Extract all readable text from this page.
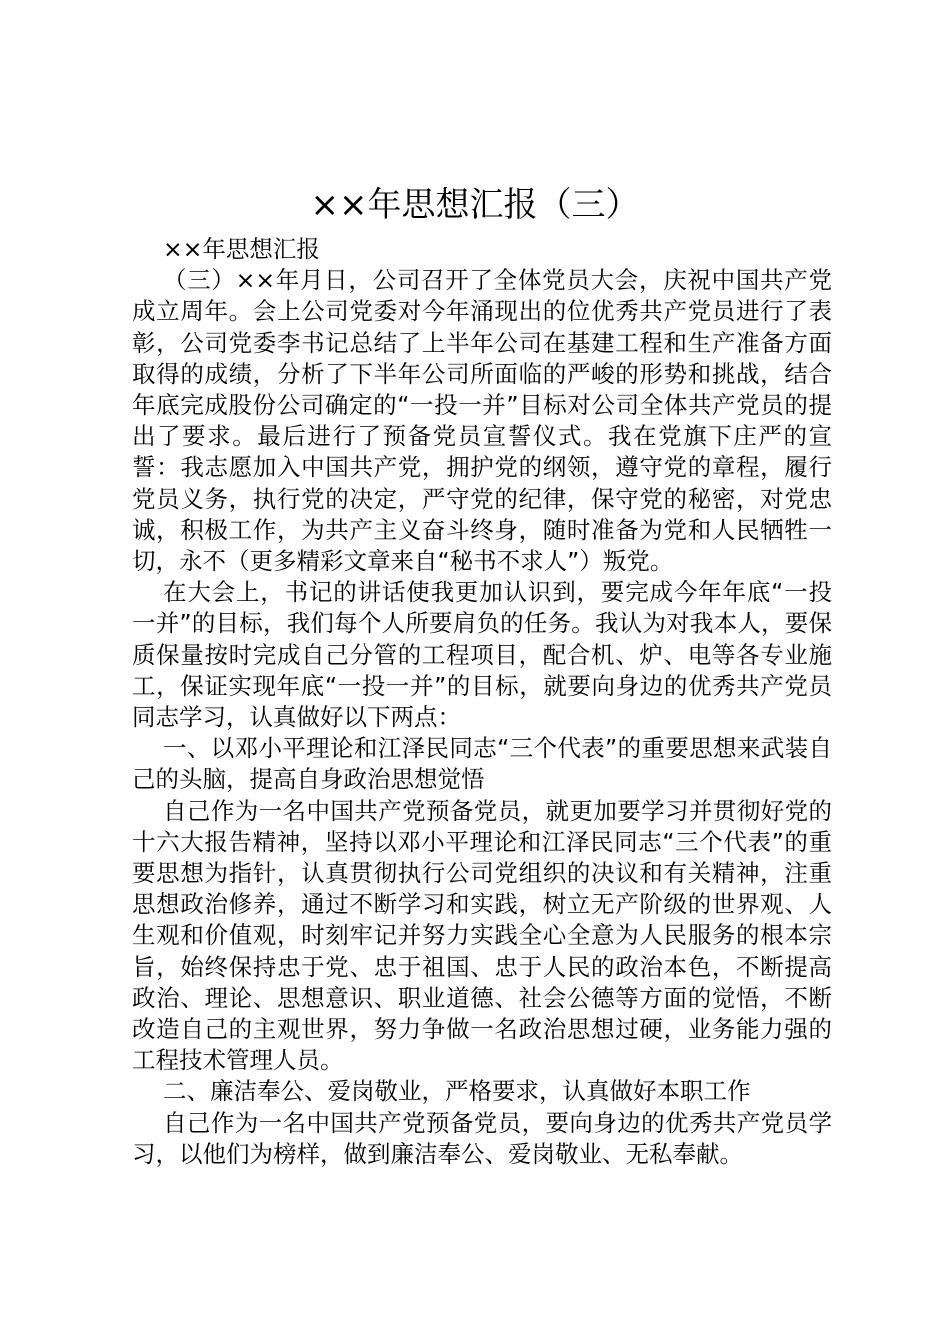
××年思想汇报（三）

××年思想汇报

（三）××年月日，公司召开了全体党员大会，庆祝中国共产党成立周年。会上公司党委对今年涌现出的位优秀共产党员进行了表彰，公司党委李书记总结了上半年公司在基建工程和生产准备方面取得的成绩，分析了下半年公司所面临的严峻的形势和挑战，结合年底完成股份公司确定的“一投一并”目标对公司全体共产党员的提出了要求。最后进行了预备党员宣誓仪式。我在党旗下庄严的宣誓：我志愿加入中国共产党，拥护党的纲领，遵守党的章程，履行党员义务，执行党的决定，严守党的纪律，保守党的秘密，对党忠诚，积极工作，为共产主义奋斗终身，随时准备为党和人民牺牲一切，永不（更多精彩文章来自“秘书不求人”）叛党。

在大会上，书记的讲话使我更加认识到，要完成今年年底“一投一并”的目标，我们每个人所要肩负的任务。我认为对我本人，要保质保量按时完成自己分管的工程项目，配合机、炉、电等各专业施工，保证实现年底“一投一并”的目标，就要向身边的优秀共产党员同志学习，认真做好以下两点：

一、以邓小平理论和江泽民同志“三个代表”的重要思想来武装自己的头脑，提高自身政治思想觉悟

自己作为一名中国共产党预备党员，就更加要学习并贯彻好党的十六大报告精神，坚持以邓小平理论和江泽民同志“三个代表”的重要思想为指针，认真贯彻执行公司党组织的决议和有关精神，注重思想政治修养，通过不断学习和实践，树立无产阶级的世界观、人生观和价值观，时刻牢记并努力实践全心全意为人民服务的根本宗旨，始终保持忠于党、忠于祖国、忠于人民的政治本色，不断提高政治、理论、思想意识、职业道德、社会公德等方面的觉悟，不断改造自己的主观世界，努力争做一名政治思想过硬，业务能力强的工程技术管理人员。

二、廉洁奉公、爱岗敬业，严格要求，认真做好本职工作

自己作为一名中国共产党预备党员，要向身边的优秀共产党员学习，以他们为榜样，做到廉洁奉公、爱岗敬业、无私奉献。
